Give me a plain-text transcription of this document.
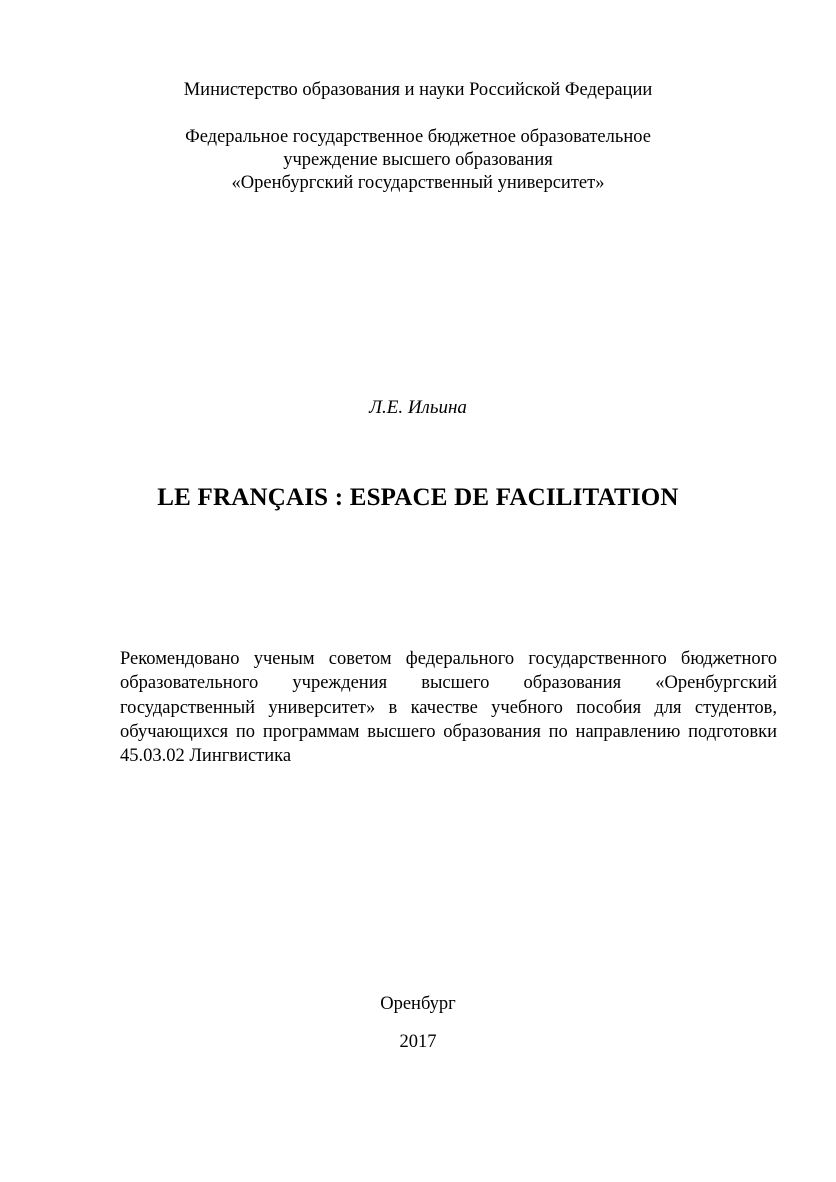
Министерство образования и науки Российской Федерации
Федеральное государственное бюджетное образовательное
учреждение высшего образования
«Оренбургский государственный университет»
Л.Е. Ильина
LE FRANÇAIS : ESPACE DE FACILITATION
Рекомендовано ученым советом федерального государственного бюджетного образовательного учреждения высшего образования «Оренбургский государственный университет» в качестве учебного пособия для студентов, обучающихся по программам высшего образования по направлению подготовки  45.03.02 Лингвистика
Оренбург
2017
